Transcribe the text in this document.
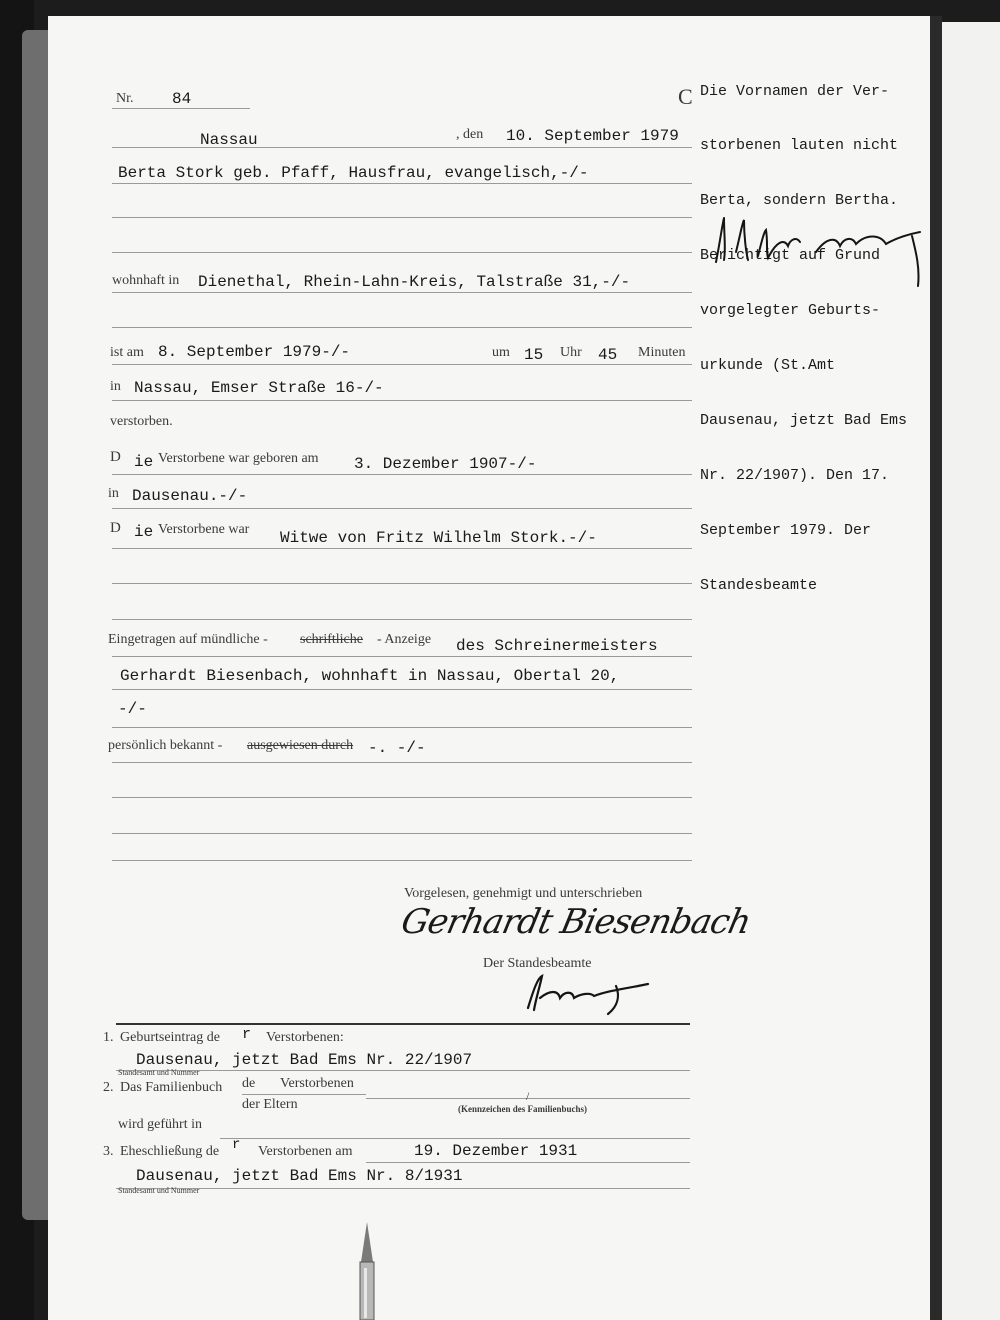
Nr. 84	C
Nassau	, den 10. September 1979
Berta Stork geb. Pfaff, Hausfrau, evangelisch,-/-
wohnhaft in Dienethal, Rhein-Lahn-Kreis, Talstraße 31,-/-
ist am 8. September 1979-/-	um 15 Uhr 45 Minuten
in Nassau, Emser Straße 16-/-
verstorben.
D ie Verstorbene war geboren am 3. Dezember 1907-/-
in Dausenau.-/-
D ie Verstorbene war Witwe von Fritz Wilhelm Stork.-/-
Eingetragen auf mündliche - schriftliche - Anzeige des Schreinermeisters
Gerhardt Biesenbach, wohnhaft in Nassau, Obertal 20,
-/-
persönlich bekannt - ausgewiesen durch -. -/-
Vorgelesen, genehmigt und unterschrieben
Gerhardt Biesenbach
Der Standesbeamte
1. Geburtseintrag de r Verstorbenen:
Dausenau, jetzt Bad Ems Nr. 22/1907
Standesamt und Nummer
2. Das Familienbuch de Verstorbenen
der Eltern
/
(Kennzeichen des Familienbuchs)
wird geführt in
3. Eheschließung de r Verstorbenen am	19. Dezember 1931
Dausenau, jetzt Bad Ems Nr. 8/1931
Standesamt und Nummer

Die Vornamen der Ver-

storbenen lauten nicht

Berta, sondern Bertha.

Berichtigt auf Grund

vorgelegter Geburts-

urkunde (St.Amt

Dausenau, jetzt Bad Ems

Nr. 22/1907). Den 17.

September 1979. Der

Standesbeamte
